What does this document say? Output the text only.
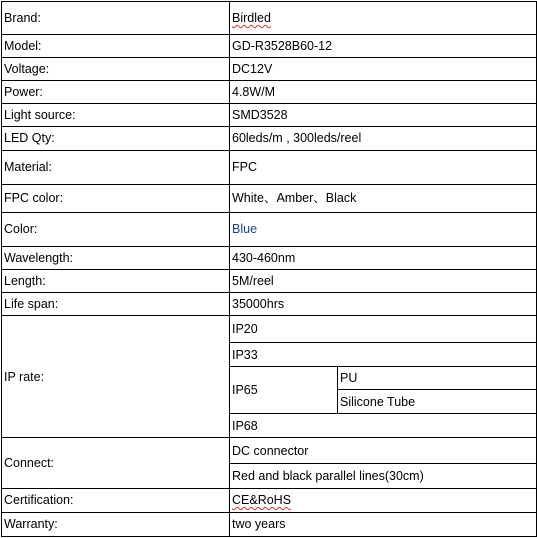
Brand:	Birdled	
Model:	GD-R3528B60-12	
Voltage:	DC12V	
Power:	4.8W/M	
Light source:	SMD3528	
LED Qty:	60leds/m , 300leds/reel	
Material:	FPC	
FPC color:	White、Amber、Black	
Color:	Blue	
Wavelength:	430-460nm	
Length:	5M/reel	
Life span:	35000hrs	
IP rate:	IP20	
	IP33	
	IP65	PU
		Silicone Tube
	IP68	
Connect:	DC connector	
	Red and black parallel lines(30cm)	
Certification:	CE&RoHS	
Warranty:	two years	
